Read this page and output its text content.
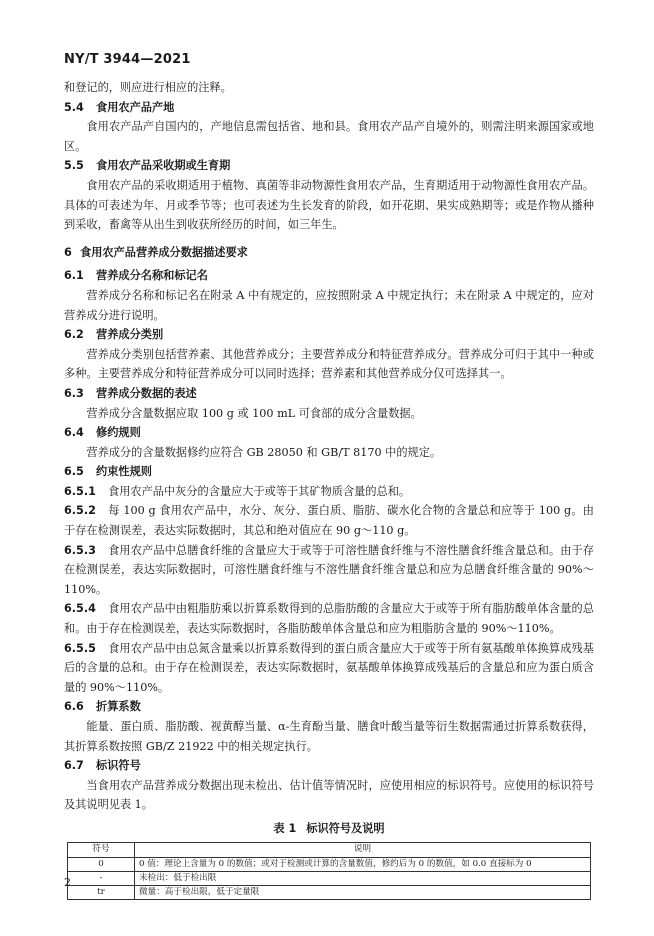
NY/T 3944—2021

和登记的，则应进行相应的注释。

5.4 食用农产品产地

食用农产品产自国内的，产地信息需包括省、地和县。食用农产品产自境外的，则需注明来源国家或地区。

5.5 食用农产品采收期或生育期

食用农产品的采收期适用于植物、真菌等非动物源性食用农产品，生育期适用于动物源性食用农产品。具体的可表述为年、月或季节等；也可表述为生长发育的阶段，如开花期、果实成熟期等；或是作物从播种到采收，畜禽等从出生到收获所经历的时间，如三年生。

6 食用农产品营养成分数据描述要求

6.1 营养成分名称和标记名

营养成分名称和标记名在附录 A 中有规定的，应按照附录 A 中规定执行；未在附录 A 中规定的，应对营养成分进行说明。

6.2 营养成分类别

营养成分类别包括营养素、其他营养成分；主要营养成分和特征营养成分。营养成分可归于其中一种或多种。主要营养成分和特征营养成分可以同时选择；营养素和其他营养成分仅可选择其一。

6.3 营养成分数据的表述

营养成分含量数据应取 100 g 或 100 mL 可食部的成分含量数据。

6.4 修约规则

营养成分的含量数据修约应符合 GB 28050 和 GB/T 8170 中的规定。

6.5 约束性规则

6.5.1 食用农产品中灰分的含量应大于或等于其矿物质含量的总和。

6.5.2 每 100 g 食用农产品中，水分、灰分、蛋白质、脂肪、碳水化合物的含量总和应等于 100 g。由于存在检测误差，表达实际数据时，其总和绝对值应在 90 g～110 g。

6.5.3 食用农产品中总膳食纤维的含量应大于或等于可溶性膳食纤维与不溶性膳食纤维含量总和。由于存在检测误差，表达实际数据时，可溶性膳食纤维与不溶性膳食纤维含量总和应为总膳食纤维含量的 90%～110%。

6.5.4 食用农产品中由粗脂肪乘以折算系数得到的总脂肪酸的含量应大于或等于所有脂肪酸单体含量的总和。由于存在检测误差，表达实际数据时，各脂肪酸单体含量总和应为粗脂肪含量的 90%～110%。

6.5.5 食用农产品中由总氮含量乘以折算系数得到的蛋白质含量应大于或等于所有氨基酸单体换算成残基后的含量的总和。由于存在检测误差，表达实际数据时，氨基酸单体换算成残基后的含量总和应为蛋白质含量的 90%～110%。

6.6 折算系数

能量、蛋白质、脂肪酸、视黄醇当量、α-生育酚当量、膳食叶酸当量等衍生数据需通过折算系数获得，其折算系数按照 GB/Z 21922 中的相关规定执行。

6.7 标识符号

当食用农产品营养成分数据出现未检出、估计值等情况时，应使用相应的标识符号。应使用的标识符号及其说明见表 1。

表 1 标识符号及说明
符号	说明
0	0 值：理论上含量为 0 的数值；或对于检测或计算的含量数值，修约后为 0 的数值，如 0.0 直接标为 0
-	未检出：低于检出限
tr	微量：高于检出限，低于定量限
2
